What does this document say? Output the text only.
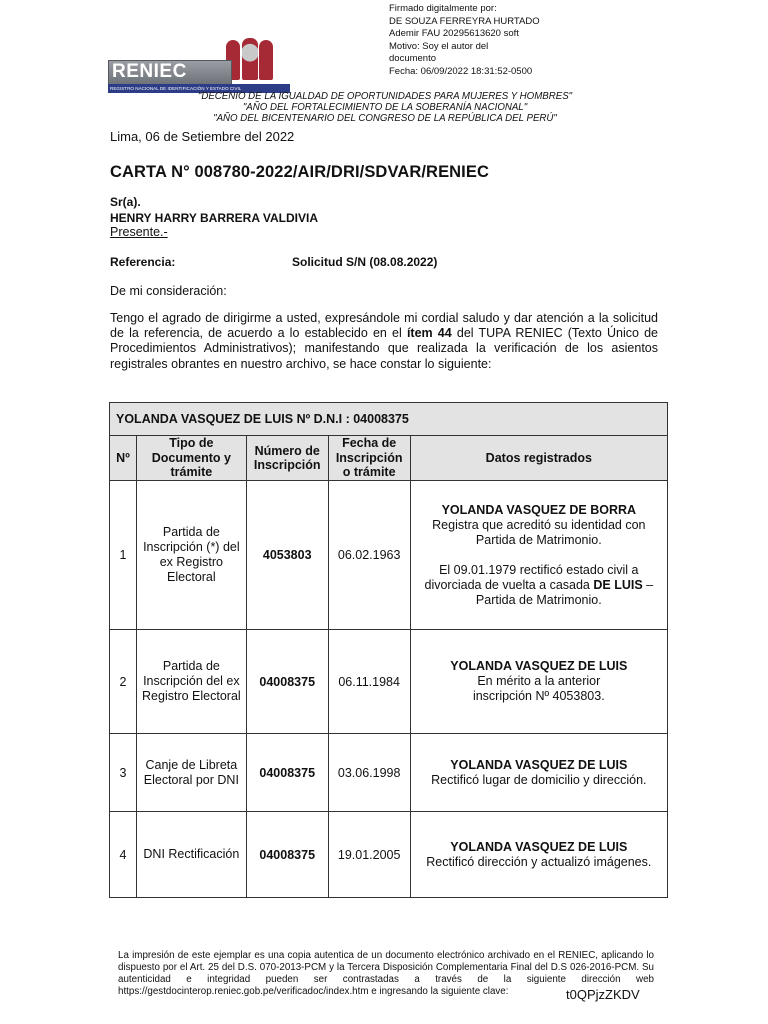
RENIEC
REGISTRO NACIONAL DE IDENTIFICACIÓN Y ESTADO CIVIL
Firmado digitalmente por:
DE SOUZA FERREYRA HURTADO
Ademir FAU 20295613620 soft
Motivo: Soy el autor del
documento
Fecha: 06/09/2022 18:31:52-0500
"DECENIO DE LA IGUALDAD DE OPORTUNIDADES PARA MUJERES Y HOMBRES"
"AÑO DEL FORTALECIMIENTO DE LA SOBERANÍA NACIONAL"
"AÑO DEL BICENTENARIO DEL CONGRESO DE LA REPÚBLICA DEL PERÚ"
Lima, 06 de Setiembre del 2022
CARTA N° 008780-2022/AIR/DRI/SDVAR/RENIEC
Sr(a).
HENRY HARRY BARRERA VALDIVIA
Presente.-
Referencia:	Solicitud S/N (08.08.2022)
De mi consideración:
Tengo el agrado de dirigirme a usted, expresándole mi cordial saludo y dar atención a la solicitud de la referencia, de acuerdo a lo establecido en el ítem 44 del TUPA RENIEC (Texto Único de Procedimientos Administrativos); manifestando que realizada la verificación de los asientos registrales obrantes en nuestro archivo, se hace constar lo siguiente:
YOLANDA VASQUEZ DE LUIS Nº D.N.I : 04008375				
Nº	Tipo de Documento y trámite	Número de Inscripción	Fecha de Inscripción o trámite	Datos registrados
1	Partida de Inscripción (*) del ex Registro Electoral	4053803	06.02.1963	YOLANDA VASQUEZ DE BORRA
Registra que acreditó su identidad con Partida de Matrimonio.
El 09.01.1979 rectificó estado civil a divorciada de vuelta a casada DE LUIS – Partida de Matrimonio.

2	Partida de Inscripción del ex Registro Electoral	04008375	06.11.1984	YOLANDA VASQUEZ DE LUIS
En mérito a la anterior inscripción Nº 4053803.

3	Canje de Libreta Electoral por DNI	04008375	03.06.1998	YOLANDA VASQUEZ DE LUIS
Rectificó lugar de domicilio y dirección.

4	DNI Rectificación	04008375	19.01.2005	YOLANDA VASQUEZ DE LUIS
Rectificó dirección y actualizó imágenes.
La impresión de este ejemplar es una copia autentica de un documento electrónico archivado en el RENIEC, aplicando lo dispuesto por el Art. 25 del D.S. 070-2013-PCM y la Tercera Disposición Complementaria Final del D.S 026-2016-PCM. Su autenticidad e integridad pueden ser contrastadas a través de la siguiente dirección web https://gestdocinterop.reniec.gob.pe/verificadoc/index.htm e ingresando la siguiente clave:	t0QPjzZKDV
